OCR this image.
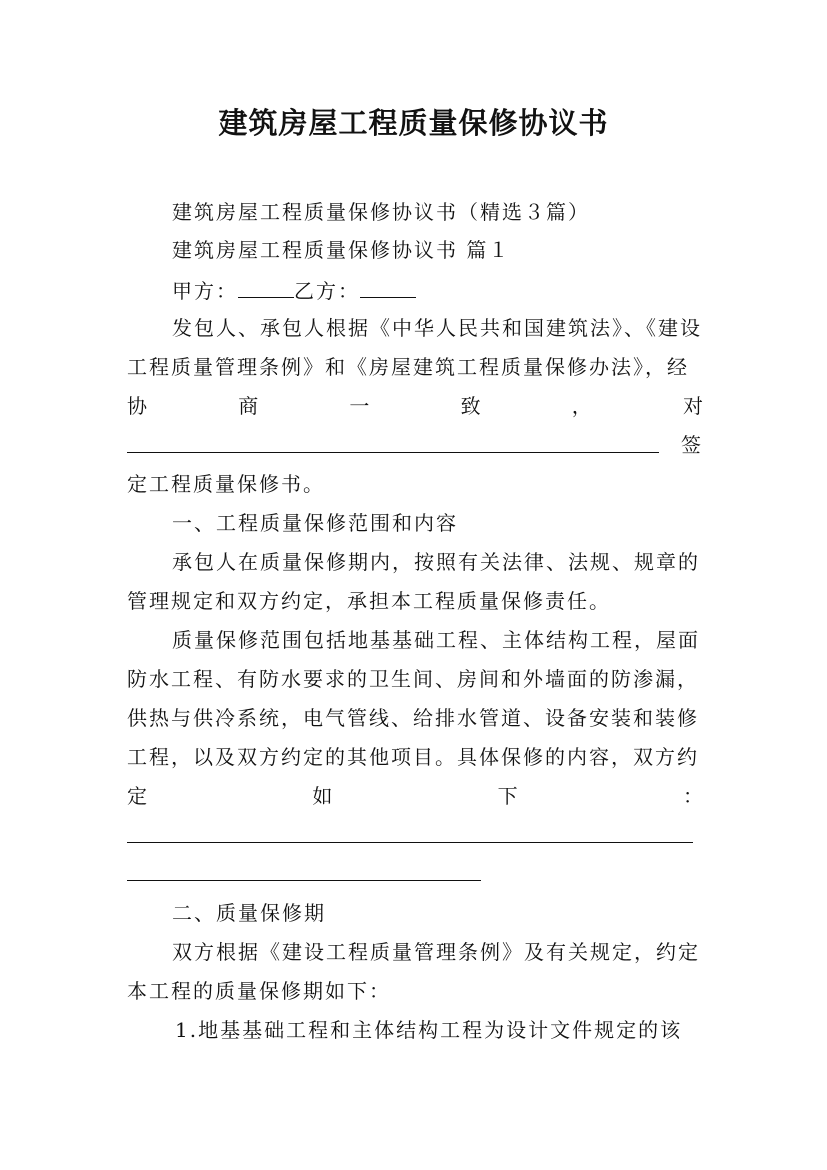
建筑房屋工程质量保修协议书
建筑房屋工程质量保修协议书（精选３篇）
建筑房屋工程质量保修协议书 篇１
甲方：	乙方：
发包人、承包人根据《中华人民共和国建筑法》、《建设
工程质量管理条例》和《房屋建筑工程质量保修办法》，经
协	商	一	致	，	对
签
定工程质量保修书。
一、工程质量保修范围和内容
承包人在质量保修期内，按照有关法律、法规、规章的
管理规定和双方约定，承担本工程质量保修责任。
质量保修范围包括地基基础工程、主体结构工程，屋面
防水工程、有防水要求的卫生间、房间和外墙面的防渗漏，
供热与供冷系统，电气管线、给排水管道、设备安装和装修
工程，以及双方约定的其他项目。具体保修的内容，双方约
定	如	下	：
二、质量保修期
双方根据《建设工程质量管理条例》及有关规定，约定
本工程的质量保修期如下：
1.地基基础工程和主体结构工程为设计文件规定的该
